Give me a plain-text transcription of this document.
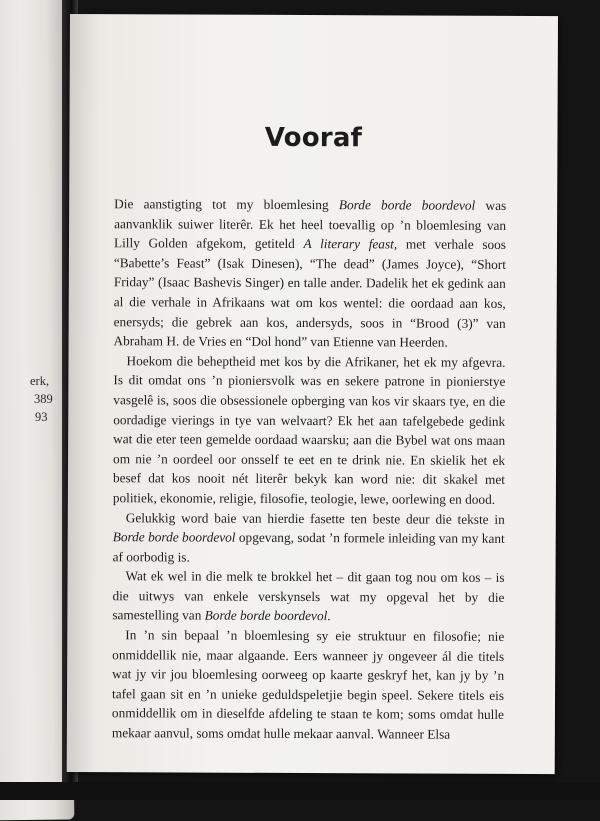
erk,
389
93
Vooraf

Die aanstigting tot my bloemlesing Borde borde boordevol was aanvanklik suiwer literêr. Ek het heel toevallig op ’n bloemlesing van Lilly Golden afgekom, getiteld A literary feast, met verhale soos “Babette’s Feast” (Isak Dinesen), “The dead” (James Joyce), “Short Friday” (Isaac Bashevis Singer) en talle ander. Dadelik het ek gedink aan al die verhale in Afrikaans wat om kos wentel: die oordaad aan kos, enersyds; die gebrek aan kos, andersyds, soos in “Brood (3)” van Abraham H. de Vries en “Dol hond” van Etienne van Heerden.

Hoekom die beheptheid met kos by die Afrikaner, het ek my afgevra. Is dit omdat ons ’n pioniersvolk was en sekere patrone in pionierstye vasgelê is, soos die obsessionele opberging van kos vir skaars tye, en die oordadige vierings in tye van welvaart? Ek het aan tafelgebede gedink wat die eter teen gemelde oordaad waarsku; aan die Bybel wat ons maan om nie ’n oordeel oor onsself te eet en te drink nie. En skielik het ek besef dat kos nooit nét literêr bekyk kan word nie: dit skakel met politiek, ekonomie, religie, filosofie, teologie, lewe, oorlewing en dood.

Gelukkig word baie van hierdie fasette ten beste deur die tekste in Borde borde boordevol opgevang, sodat ’n formele inleiding van my kant af oorbodig is.

Wat ek wel in die melk te brokkel het – dit gaan tog nou om kos – is die uitwys van enkele verskynsels wat my opgeval het by die samestelling van Borde borde boordevol.

In ’n sin bepaal ’n bloemlesing sy eie struktuur en filosofie; nie onmiddellik nie, maar algaande. Eers wanneer jy ongeveer ál die titels wat jy vir jou bloemlesing oorweeg op kaarte geskryf het, kan jy by ’n tafel gaan sit en ’n unieke geduldspeletjie begin speel. Sekere titels eis onmiddellik om in dieselfde afdeling te staan te kom; soms omdat hulle mekaar aanvul, soms omdat hulle mekaar aanval. Wanneer Elsa
